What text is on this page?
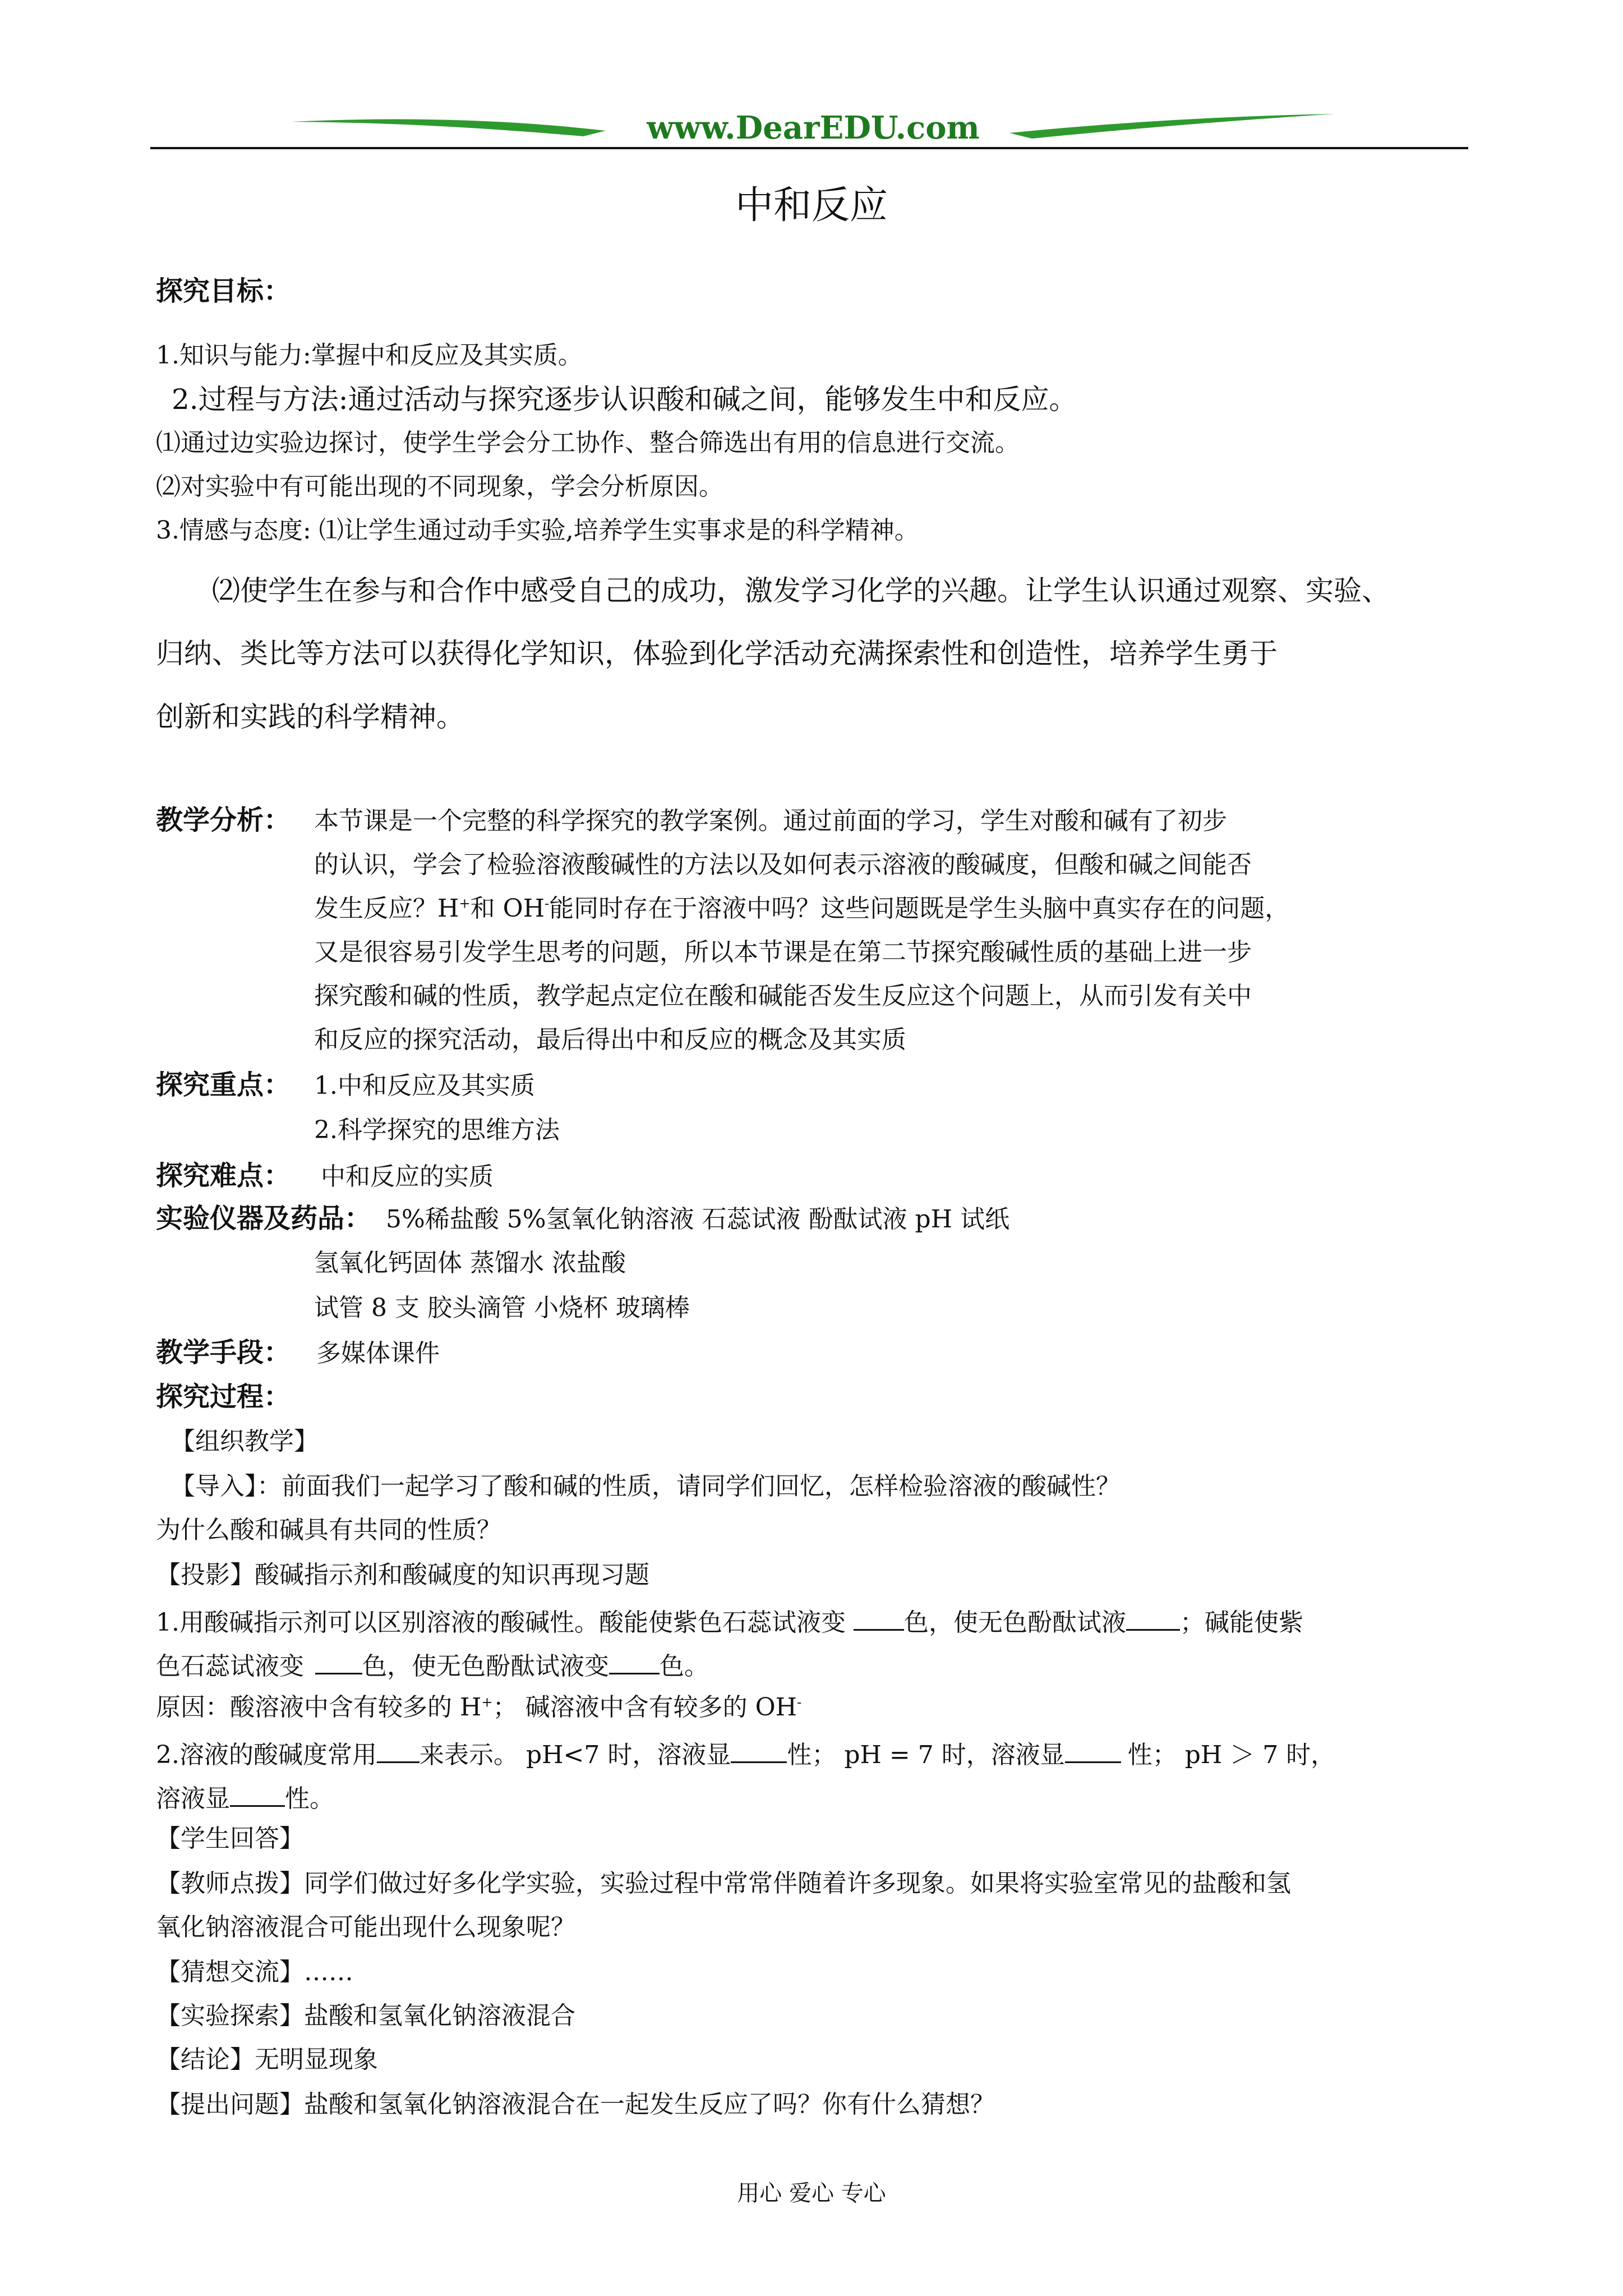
www.DearEDU.com
中和反应
探究目标：
1.知识与能力:掌握中和反应及其实质。
2.过程与方法:通过活动与探究逐步认识酸和碱之间，能够发生中和反应。
⑴通过边实验边探讨，使学生学会分工协作、整合筛选出有用的信息进行交流。
⑵对实验中有可能出现的不同现象，学会分析原因。
3.情感与态度: ⑴让学生通过动手实验,培养学生实事求是的科学精神。
⑵使学生在参与和合作中感受自己的成功，激发学习化学的兴趣。让学生认识通过观察、实验、
归纳、类比等方法可以获得化学知识，体验到化学活动充满探索性和创造性，培养学生勇于
创新和实践的科学精神。
教学分析： 本节课是一个完整的科学探究的教学案例。通过前面的学习，学生对酸和碱有了初步
的认识，学会了检验溶液酸碱性的方法以及如何表示溶液的酸碱度，但酸和碱之间能否
发生反应？H+和 OH-能同时存在于溶液中吗？这些问题既是学生头脑中真实存在的问题，
又是很容易引发学生思考的问题，所以本节课是在第二节探究酸碱性质的基础上进一步
探究酸和碱的性质，教学起点定位在酸和碱能否发生反应这个问题上，从而引发有关中
和反应的探究活动，最后得出中和反应的概念及其实质
探究重点： 1.中和反应及其实质
2.科学探究的思维方法
探究难点： 中和反应的实质
实验仪器及药品： 5%稀盐酸 5%氢氧化钠溶液 石蕊试液 酚酞试液 pH 试纸
氢氧化钙固体 蒸馏水 浓盐酸
试管 8 支 胶头滴管 小烧杯 玻璃棒
教学手段： 多媒体课件
探究过程：
【组织教学】
【导入】：前面我们一起学习了酸和碱的性质，请同学们回忆，怎样检验溶液的酸碱性？
为什么酸和碱具有共同的性质？
【投影】酸碱指示剂和酸碱度的知识再现习题
1.用酸碱指示剂可以区别溶液的酸碱性。酸能使紫色石蕊试液变 色，使无色酚酞试液 ；碱能使紫
色石蕊试液变 色，使无色酚酞试液变 色。
原因：酸溶液中含有较多的 H+； 碱溶液中含有较多的 OH-
2.溶液的酸碱度常用 来表示。 pH<7 时，溶液显 性； pH = 7 时，溶液显	性； pH ＞ 7 时，
溶液显 性。
【学生回答】
【教师点拨】同学们做过好多化学实验，实验过程中常常伴随着许多现象。如果将实验室常见的盐酸和氢
氧化钠溶液混合可能出现什么现象呢？
【猜想交流】……
【实验探索】盐酸和氢氧化钠溶液混合
【结论】无明显现象
【提出问题】盐酸和氢氧化钠溶液混合在一起发生反应了吗？你有什么猜想？
用心 爱心 专心
